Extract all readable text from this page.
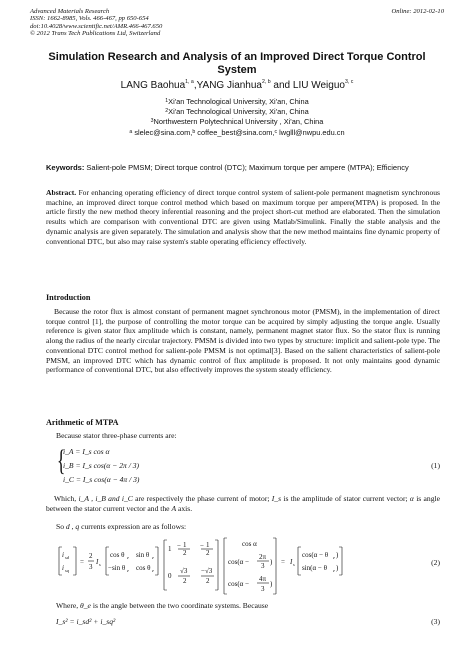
Advanced Materials Research	Online: 2012-02-10
ISSN: 1662-8985, Vols. 466-467, pp 650-654
doi:10.4028/www.scientific.net/AMR.466-467.650
© 2012 Trans Tech Publications Ltd, Switzerland
Simulation Research and Analysis of an Improved Direct Torque Control
System
LANG Baohua$^{1, a}$,YANG Jianhua$^{2, b}$ and LIU Weiguo$^{3, c}$
$^1$Xi'an Technological University, Xi'an, China
$^2$Xi'an Technological University, Xi'an, China
$^3$Northwestern Polytechnical University , Xi'an, China
$^a$ slelec@sina.com,$^b$ coffee_best@sina.com,$^c$ lwglll@nwpu.edu.cn
Keywords: Salient-pole PMSM; Direct torque control (DTC); Maximum torque per ampere (MTPA); Efficiency
Abstract. For enhancing operating efficiency of direct torque control system of salient-pole permanent magnetism synchronous machine, an improved direct torque control method which based on maximum torque per ampere(MTPA) is proposed. In the article firstly the new method theory inferential reasoning and the project short-cut method are elaborated. Then the simulation results which are comparison with conventional DTC are given using Matlab/Simulink. Finally the stable analysis and the dynamic analysis are given separately. The simulation and analysis show that the new method maintains fine dynamic property of conventional DTC, but also may raise system's stable operating efficiency effectively.
Introduction
Because the rotor flux is almost constant of permanent magnet synchronous motor (PMSM), in the implementation of direct torque control [1], the purpose of controlling the motor torque can be acquired by simply adjusting the torque angle. Usually reference is given stator flux amplitude which is constant, namely, permanent magnet stator flux. So the stator flux is running along the radius of the nearly circular trajectory. PMSM is divided into two types by structure: implicit and salient-pole type. The conventional DTC control method for salient-pole PMSM is not optimal[3]. Based on the salient characteristics of salient-pole PMSM, an improved DTC which has dynamic control of flux amplitude is proposed. It not only maintains good dynamic performance of conventional DTC, but also effectively improves the system steady efficiency.
Arithmetic of MTPA
Because stator three-phase currents are:
{
i_A = I_s cos α
i_B = I_s cos(α − 2π / 3)
i_C = I_s cos(α − 4π / 3)
(1)
Which, i_A , i_B and i_C are respectively the phase current of motor; I_s is the amplitude of stator current vector; α is angle between the stator current vector and the A axis.
So d , q currents expression are as follows:
i sd
i sq
=
2
3
I s
cos θ e sin θ e
−sin θ e cos θ e
1 1
−
2
1
−
2
0
√3
2
−√3
2
cos α
cos(α −
2π
3 )
cos(α −
4π
3
)
= I s
cos(α − θ e )
sin(α − θ e )
(2)
Where, θ_e is the angle between the two coordinate systems. Because
I_s² = i_sd² + i_sq²	(3)
